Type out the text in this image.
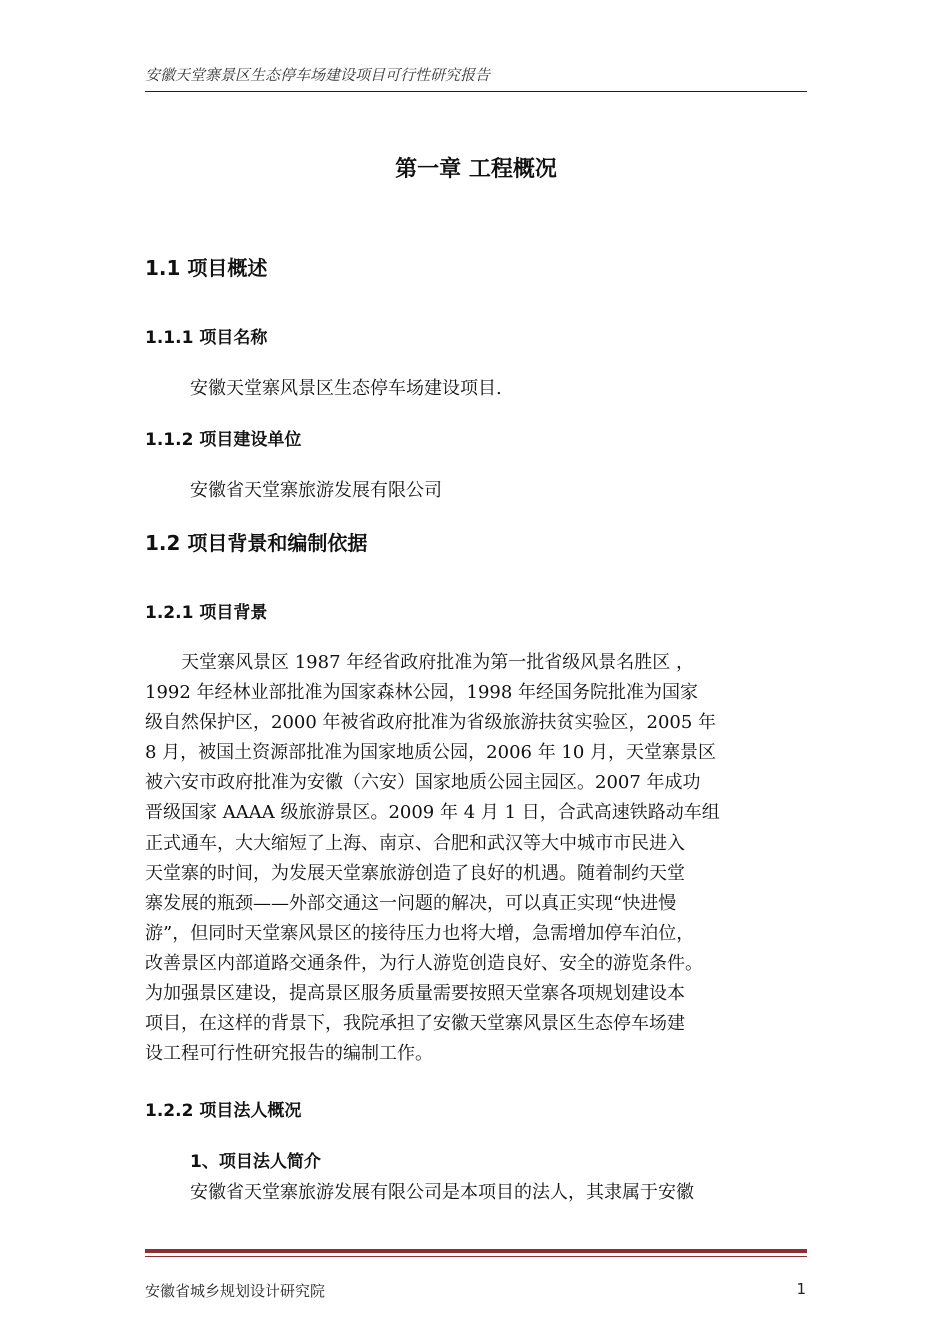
安徽天堂寨景区生态停车场建设项目可行性研究报告
第一章 工程概况
1.1 项目概述
1.1.1 项目名称
安徽天堂寨风景区生态停车场建设项目.
1.1.2 项目建设单位
安徽省天堂寨旅游发展有限公司
1.2 项目背景和编制依据
1.2.1 项目背景
　　天堂寨风景区 1987 年经省政府批准为第一批省级风景名胜区 ，
1992 年经林业部批准为国家森林公园，1998 年经国务院批准为国家
级自然保护区，2000 年被省政府批准为省级旅游扶贫实验区，2005 年
8 月，被国土资源部批准为国家地质公园，2006 年 10 月，天堂寨景区
被六安市政府批准为安徽（六安）国家地质公园主园区。2007 年成功
晋级国家 AAAA 级旅游景区。2009 年 4 月 1 日，合武高速铁路动车组
正式通车，大大缩短了上海、南京、合肥和武汉等大中城市市民进入
天堂寨的时间，为发展天堂寨旅游创造了良好的机遇。随着制约天堂
寨发展的瓶颈——外部交通这一问题的解决，可以真正实现“快进慢
游”，但同时天堂寨风景区的接待压力也将大增，急需增加停车泊位，
改善景区内部道路交通条件，为行人游览创造良好、安全的游览条件。
为加强景区建设，提高景区服务质量需要按照天堂寨各项规划建设本
项目，在这样的背景下，我院承担了安徽天堂寨风景区生态停车场建
设工程可行性研究报告的编制工作。
1.2.2 项目法人概况
1、项目法人简介
安徽省天堂寨旅游发展有限公司是本项目的法人，其隶属于安徽
安徽省城乡规划设计研究院	1
